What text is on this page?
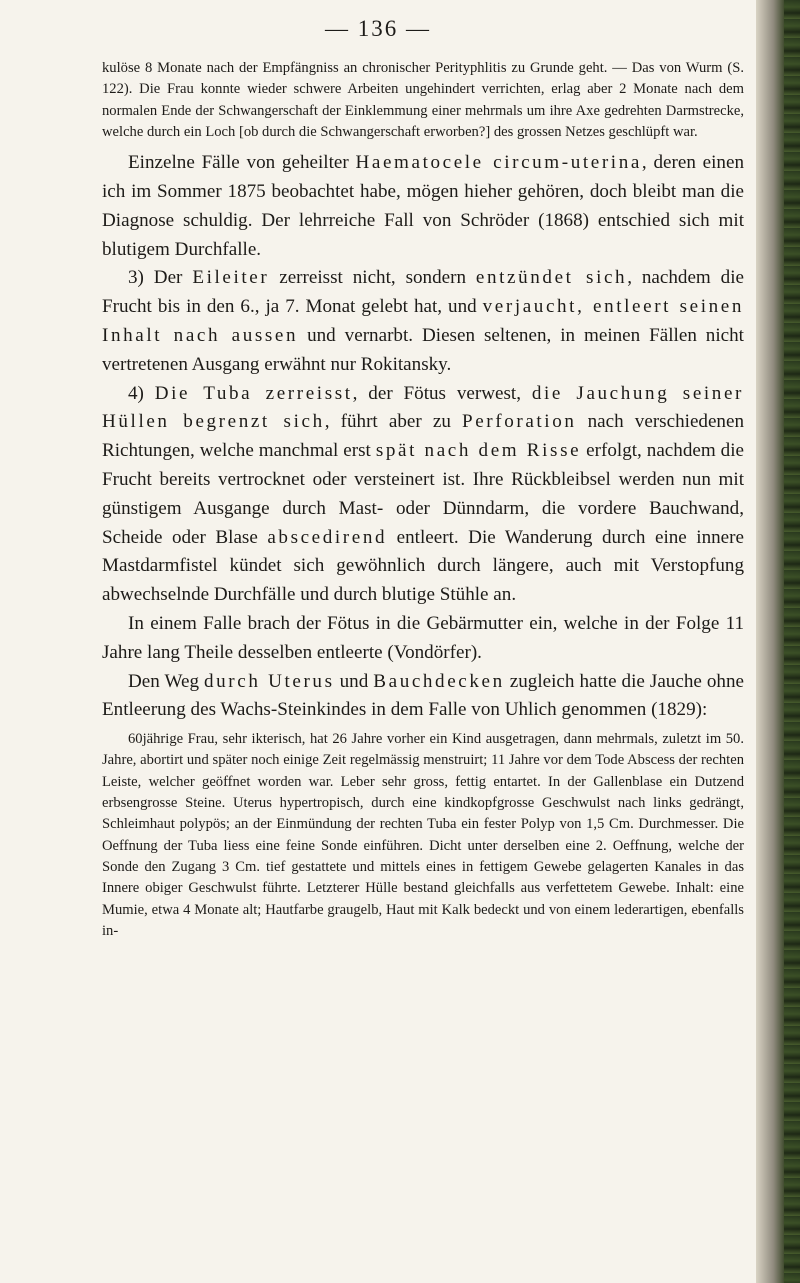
— 136 —

kulöse 8 Monate nach der Empfängniss an chronischer Perityphlitis zu Grunde geht. — Das von Wurm (S. 122). Die Frau konnte wieder schwere Arbeiten ungehindert verrichten, erlag aber 2 Monate nach dem normalen Ende der Schwangerschaft der Einklemmung einer mehrmals um ihre Axe gedrehten Darmstrecke, welche durch ein Loch [ob durch die Schwangerschaft erworben?] des grossen Netzes geschlüpft war.

Einzelne Fälle von geheilter Haematocele circum-uterina, deren einen ich im Sommer 1875 beobachtet habe, mögen hieher gehören, doch bleibt man die Diagnose schuldig. Der lehrreiche Fall von Schröder (1868) entschied sich mit blutigem Durchfalle.

3) Der Eileiter zerreisst nicht, sondern entzündet sich, nachdem die Frucht bis in den 6., ja 7. Monat gelebt hat, und verjaucht, entleert seinen Inhalt nach aussen und vernarbt. Diesen seltenen, in meinen Fällen nicht vertretenen Ausgang erwähnt nur Rokitansky.

4) Die Tuba zerreisst, der Fötus verwest, die Jauchung seiner Hüllen begrenzt sich, führt aber zu Perforation nach verschiedenen Richtungen, welche manchmal erst spät nach dem Risse erfolgt, nachdem die Frucht bereits vertrocknet oder versteinert ist. Ihre Rückbleibsel werden nun mit günstigem Ausgange durch Mast- oder Dünndarm, die vordere Bauchwand, Scheide oder Blase abscedirend entleert. Die Wanderung durch eine innere Mastdarmfistel kündet sich gewöhnlich durch längere, auch mit Verstopfung abwechselnde Durchfälle und durch blutige Stühle an.

In einem Falle brach der Fötus in die Gebärmutter ein, welche in der Folge 11 Jahre lang Theile desselben entleerte (Vondörfer).

Den Weg durch Uterus und Bauchdecken zugleich hatte die Jauche ohne Entleerung des Wachs-Steinkindes in dem Falle von Uhlich genommen (1829):

60jährige Frau, sehr ikterisch, hat 26 Jahre vorher ein Kind ausgetragen, dann mehrmals, zuletzt im 50. Jahre, abortirt und später noch einige Zeit regelmässig menstruirt; 11 Jahre vor dem Tode Abscess der rechten Leiste, welcher geöffnet worden war. Leber sehr gross, fettig entartet. In der Gallenblase ein Dutzend erbsengrosse Steine. Uterus hypertropisch, durch eine kindkopfgrosse Geschwulst nach links gedrängt, Schleimhaut polypös; an der Einmündung der rechten Tuba ein fester Polyp von 1,5 Cm. Durchmesser. Die Oeffnung der Tuba liess eine feine Sonde einführen. Dicht unter derselben eine 2. Oeffnung, welche der Sonde den Zugang 3 Cm. tief gestattete und mittels eines in fettigem Gewebe gelagerten Kanales in das Innere obiger Geschwulst führte. Letzterer Hülle bestand gleichfalls aus verfettetem Gewebe. Inhalt: eine Mumie, etwa 4 Monate alt; Hautfarbe graugelb, Haut mit Kalk bedeckt und von einem lederartigen, ebenfalls in-
